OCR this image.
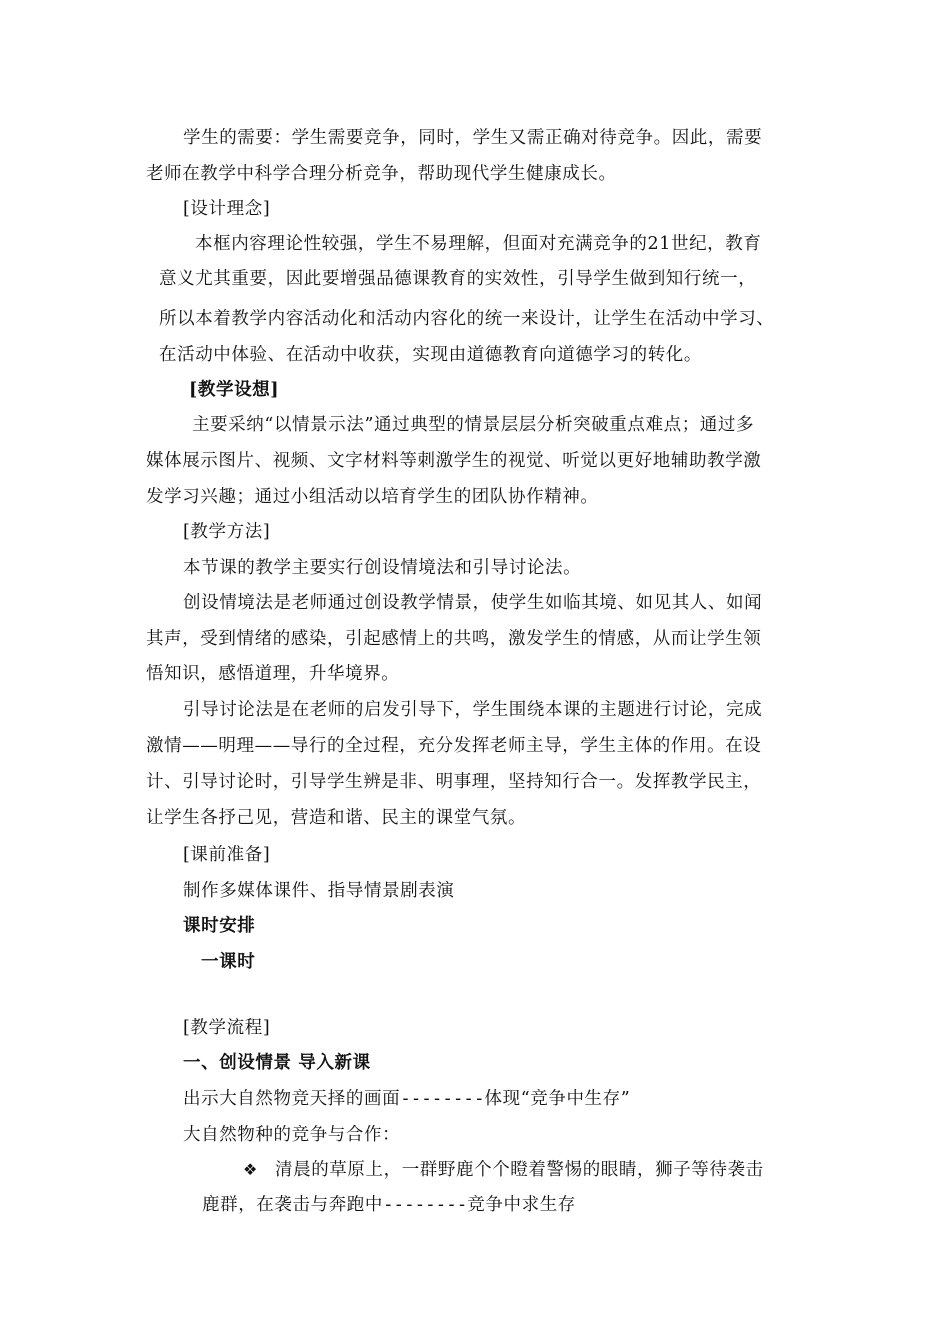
学生的需要：学生需要竞争，同时，学生又需正确对待竞争。因此，需要
老师在教学中科学合理分析竞争，帮助现代学生健康成长。
[设计理念]
本框内容理论性较强，学生不易理解，但面对充满竞争的21世纪，教育
意义尤其重要，因此要增强品德课教育的实效性，引导学生做到知行统一，
所以本着教学内容活动化和活动内容化的统一来设计，让学生在活动中学习、
在活动中体验、在活动中收获，实现由道德教育向道德学习的转化。
[教学设想]
主要采纳“以情景示法”通过典型的情景层层分析突破重点难点；通过多
媒体展示图片、视频、文字材料等刺激学生的视觉、听觉以更好地辅助教学激
发学习兴趣；通过小组活动以培育学生的团队协作精神。
[教学方法]
本节课的教学主要实行创设情境法和引导讨论法。
创设情境法是老师通过创设教学情景，使学生如临其境、如见其人、如闻
其声，受到情绪的感染，引起感情上的共鸣，激发学生的情感，从而让学生领
悟知识，感悟道理，升华境界。
引导讨论法是在老师的启发引导下，学生围绕本课的主题进行讨论，完成
激情——明理——导行的全过程，充分发挥老师主导，学生主体的作用。在设
计、引导讨论时，引导学生辨是非、明事理，坚持知行合一。发挥教学民主，
让学生各抒己见，营造和谐、民主的课堂气氛。
[课前准备]
制作多媒体课件、指导情景剧表演
课时安排
一课时
[教学流程]
一、创设情景 导入新课
出示大自然物竞天择的画面--------体现“竞争中生存”
大自然物种的竞争与合作：
❖ 清晨的草原上，一群野鹿个个瞪着警惕的眼睛，狮子等待袭击
鹿群，在袭击与奔跑中--------竞争中求生存
